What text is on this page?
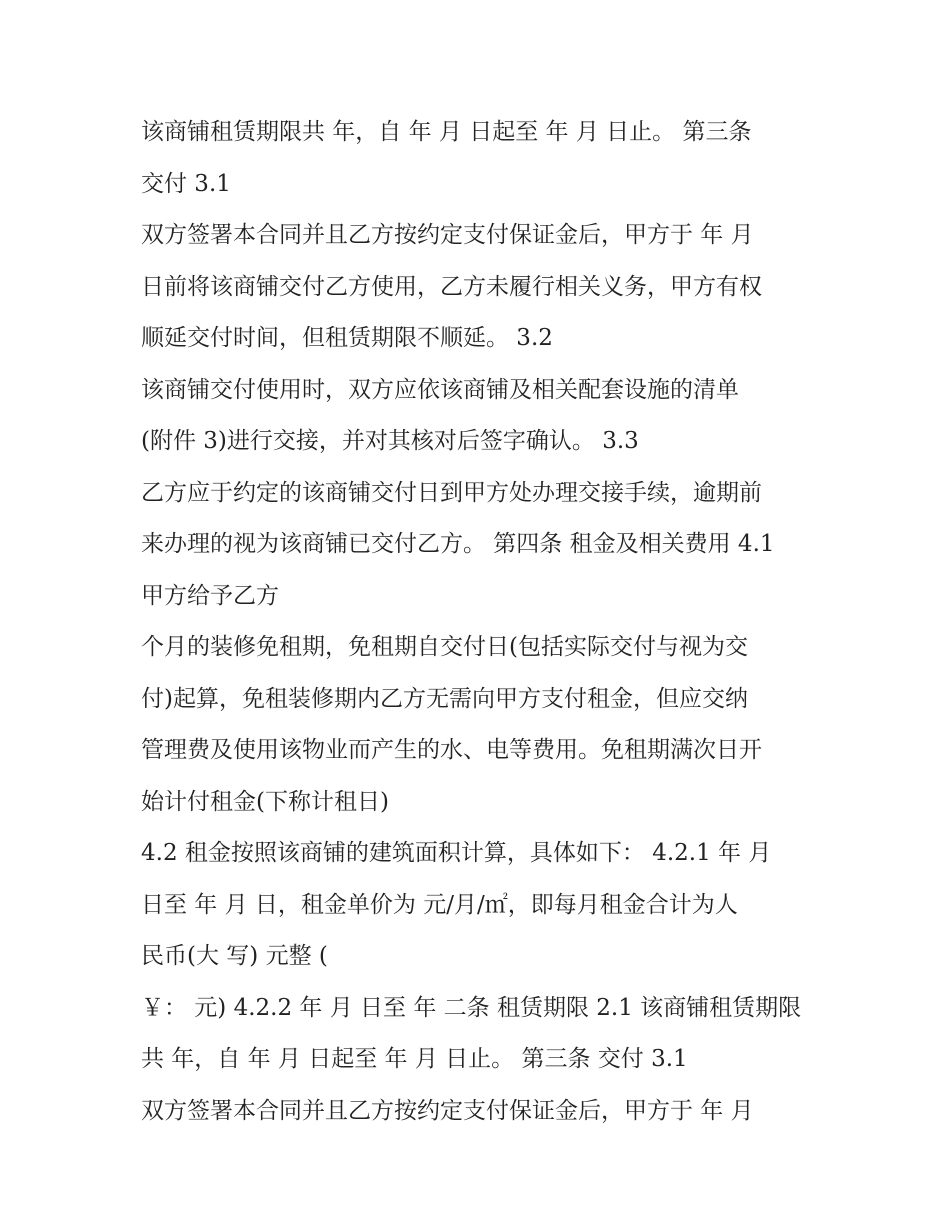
该商铺租赁期限共 年，自 年 月 日起至 年 月 日止。 第三条
交付 3.1
双方签署本合同并且乙方按约定支付保证金后，甲方于 年 月
日前将该商铺交付乙方使用，乙方未履行相关义务，甲方有权
顺延交付时间，但租赁期限不顺延。 3.2
该商铺交付使用时，双方应依该商铺及相关配套设施的清单
(附件 3)进行交接，并对其核对后签字确认。 3.3
乙方应于约定的该商铺交付日到甲方处办理交接手续，逾期前
来办理的视为该商铺已交付乙方。 第四条 租金及相关费用 4.1
甲方给予乙方
个月的装修免租期，免租期自交付日(包括实际交付与视为交
付)起算，免租装修期内乙方无需向甲方支付租金，但应交纳
管理费及使用该物业而产生的水、电等费用。免租期满次日开
始计付租金(下称计租日)
4.2 租金按照该商铺的建筑面积计算，具体如下： 4.2.1 年 月
日至 年 月 日，租金单价为 元/月/㎡，即每月租金合计为人
民币(大 写) 元整 (
￥： 元) 4.2.2 年 月 日至 年 二条 租赁期限 2.1 该商铺租赁期限
共 年，自 年 月 日起至 年 月 日止。 第三条 交付 3.1
双方签署本合同并且乙方按约定支付保证金后，甲方于 年 月
